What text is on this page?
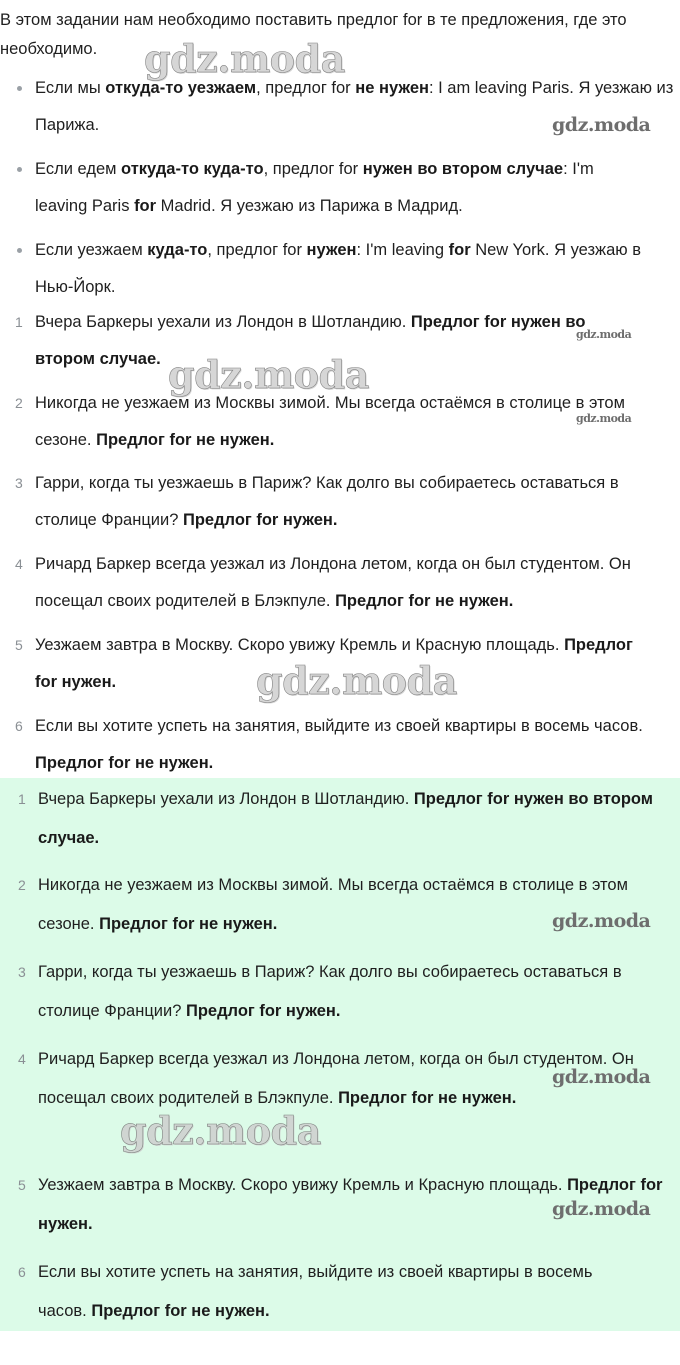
В этом задании нам необходимо поставить предлог for в те предложения, где это необходимо.
Если мы откуда-то уезжаем, предлог for не нужен: I am leaving Paris. Я уезжаю из Парижа.
Если едем откуда-то куда-то, предлог for нужен во втором случае: I'm leaving Paris for Madrid. Я уезжаю из Парижа в Мадрид.
Если уезжаем куда-то, предлог for нужен: I'm leaving for New York. Я уезжаю в Нью-Йорк.
1 Вчера Баркеры уехали из Лондон в Шотландию. Предлог for нужен во втором случае.
2 Никогда не уезжаем из Москвы зимой. Мы всегда остаёмся в столице в этом сезоне. Предлог for не нужен.
3 Гарри, когда ты уезжаешь в Париж? Как долго вы собираетесь оставаться в столице Франции? Предлог for нужен.
4 Ричард Баркер всегда уезжал из Лондона летом, когда он был студентом. Он посещал своих родителей в Блэкпуле. Предлог for не нужен.
5 Уезжаем завтра в Москву. Скоро увижу Кремль и Красную площадь. Предлог for нужен.
6 Если вы хотите успеть на занятия, выйдите из своей квартиры в восемь часов. Предлог for не нужен.
1 Вчера Баркеры уехали из Лондон в Шотландию. Предлог for нужен во втором случае.
2 Никогда не уезжаем из Москвы зимой. Мы всегда остаёмся в столице в этом сезоне. Предлог for не нужен.
3 Гарри, когда ты уезжаешь в Париж? Как долго вы собираетесь оставаться в столице Франции? Предлог for нужен.
4 Ричард Баркер всегда уезжал из Лондона летом, когда он был студентом. Он посещал своих родителей в Блэкпуле. Предлог for не нужен.
5 Уезжаем завтра в Москву. Скоро увижу Кремль и Красную площадь. Предлог for нужен.
6 Если вы хотите успеть на занятия, выйдите из своей квартиры в восемь часов. Предлог for не нужен.
gdz.moda
gdz.moda
gdz.moda
gdz.moda
gdz.moda
gdz.moda
gdz.moda
gdz.moda
gdz.moda
gdz.moda
